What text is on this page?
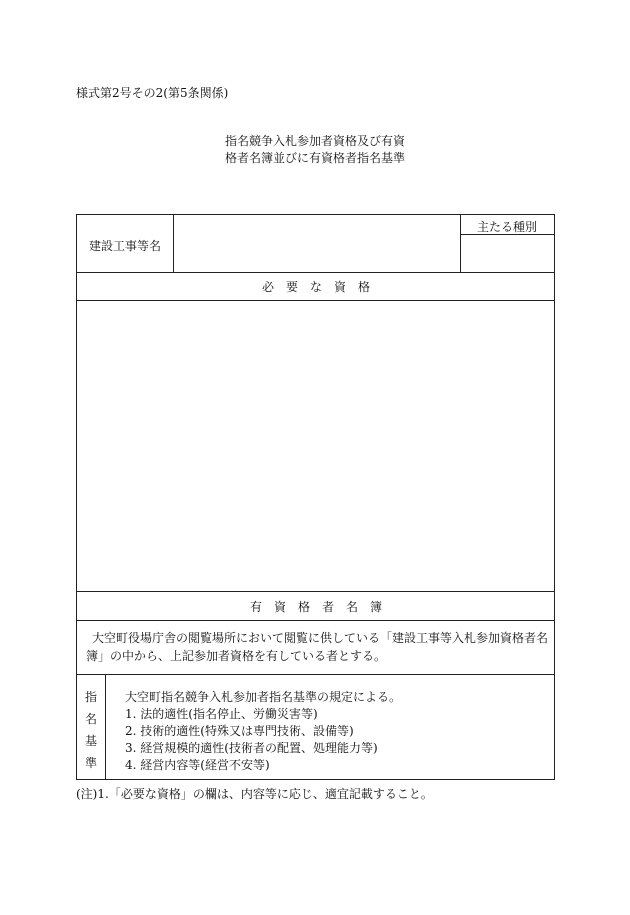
様式第2号その2(第5条関係)
指名競争入札参加者資格及び有資
格者名簿並びに有資格者指名基準
建設工事等名
主たる種別
必　要　な　資　格
有　資　格　者　名　簿
大空町役場庁舎の閲覧場所において閲覧に供している「建設工事等入札参加資格者名簿」の中から、上記参加者資格を有している者とする。
指
名
基
準
大空町指名競争入札参加者指名基準の規定による。
1. 法的適性(指名停止、労働災害等)
2. 技術的適性(特殊又は専門技術、設備等)
3. 経営規模的適性(技術者の配置、処理能力等)
4. 経営内容等(経営不安等)
(注)1.「必要な資格」の欄は、内容等に応じ、適宜記載すること。
